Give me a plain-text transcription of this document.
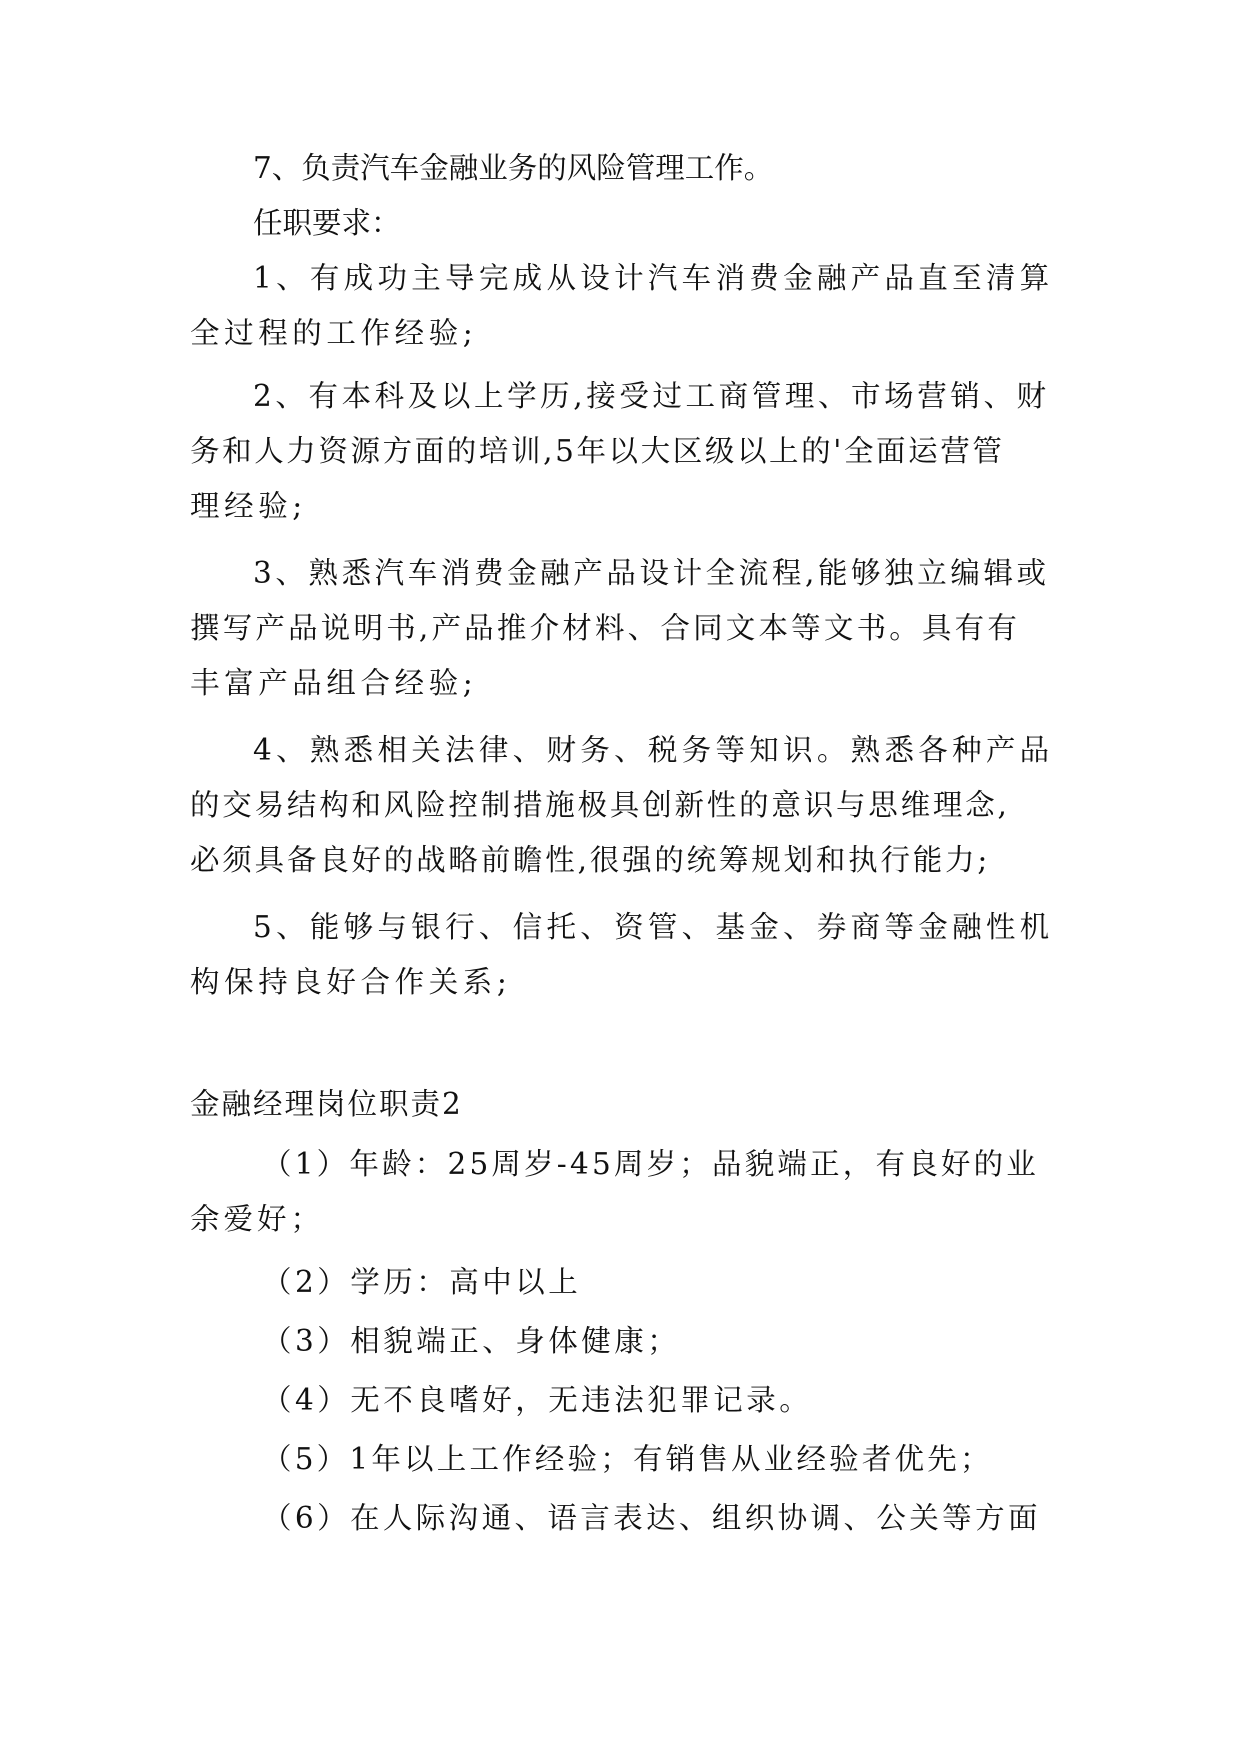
7、负责汽车金融业务的风险管理工作。

任职要求：

1、有成功主导完成从设计汽车消费金融产品直至清算

全过程的工作经验;

2、有本科及以上学历,接受过工商管理、市场营销、财

务和人力资源方面的培训,5年以大区级以上的'全面运营管

理经验;

3、熟悉汽车消费金融产品设计全流程,能够独立编辑或

撰写产品说明书,产品推介材料、合同文本等文书。具有有

丰富产品组合经验;

4、熟悉相关法律、财务、税务等知识。熟悉各种产品

的交易结构和风险控制措施极具创新性的意识与思维理念,

必须具备良好的战略前瞻性,很强的统筹规划和执行能力;

5、能够与银行、信托、资管、基金、券商等金融性机

构保持良好合作关系;

金融经理岗位职责2

（1）年龄：25周岁-45周岁；品貌端正，有良好的业

余爱好；

（2）学历：高中以上

（3）相貌端正、身体健康；

（4）无不良嗜好，无违法犯罪记录。

（5）1年以上工作经验；有销售从业经验者优先；

（6）在人际沟通、语言表达、组织协调、公关等方面
